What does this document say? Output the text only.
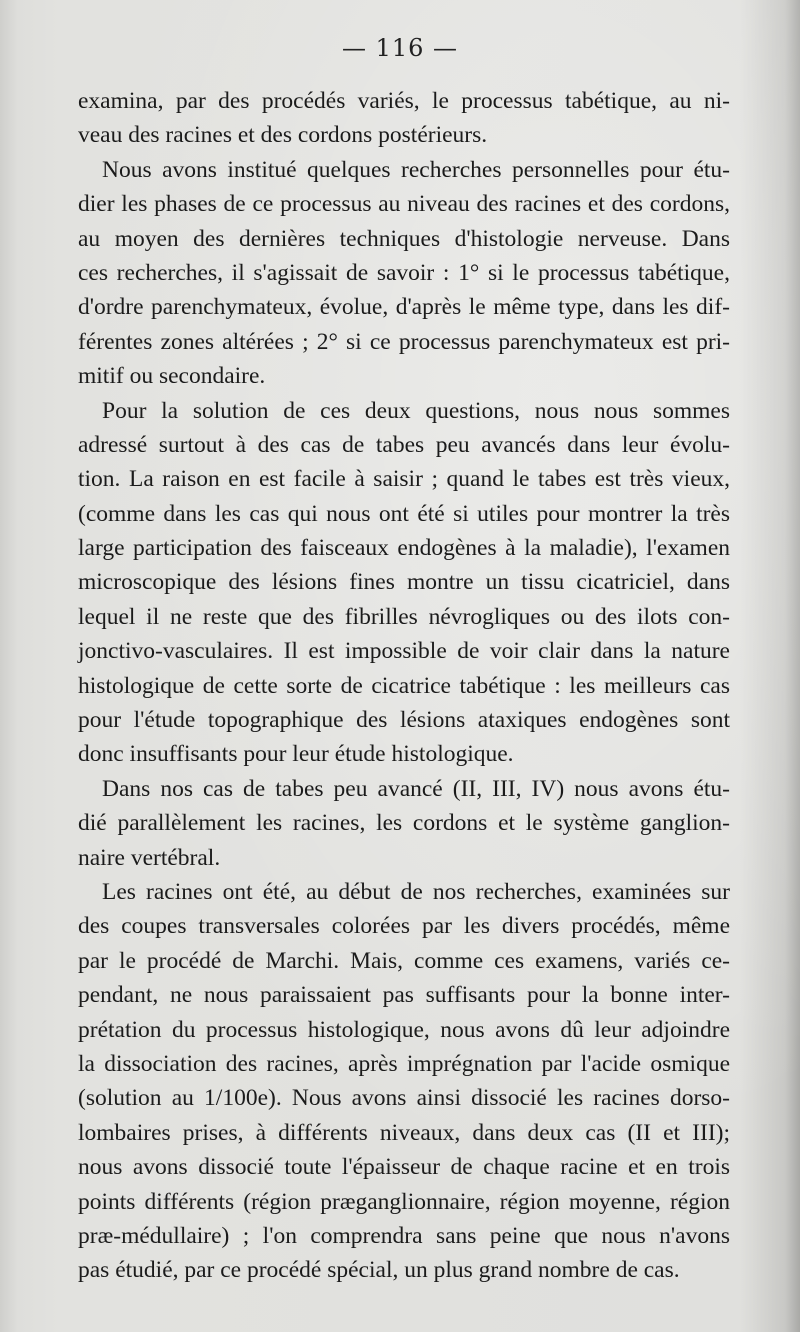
— 116 —
examina, par des procédés variés, le processus tabétique, au ni-
veau des racines et des cordons postérieurs.
Nous avons institué quelques recherches personnelles pour étu-
dier les phases de ce processus au niveau des racines et des cordons,
au moyen des dernières techniques d'histologie nerveuse. Dans
ces recherches, il s'agissait de savoir : 1° si le processus tabétique,
d'ordre parenchymateux, évolue, d'après le même type, dans les dif-
férentes zones altérées ; 2° si ce processus parenchymateux est pri-
mitif ou secondaire.
Pour la solution de ces deux questions, nous nous sommes
adressé surtout à des cas de tabes peu avancés dans leur évolu-
tion. La raison en est facile à saisir ; quand le tabes est très vieux,
(comme dans les cas qui nous ont été si utiles pour montrer la très
large participation des faisceaux endogènes à la maladie), l'examen
microscopique des lésions fines montre un tissu cicatriciel, dans
lequel il ne reste que des fibrilles névrogliques ou des ilots con-
jonctivo-vasculaires. Il est impossible de voir clair dans la nature
histologique de cette sorte de cicatrice tabétique : les meilleurs cas
pour l'étude topographique des lésions ataxiques endogènes sont
donc insuffisants pour leur étude histologique.
Dans nos cas de tabes peu avancé (II, III, IV) nous avons étu-
dié parallèlement les racines, les cordons et le système ganglion-
naire vertébral.
Les racines ont été, au début de nos recherches, examinées sur
des coupes transversales colorées par les divers procédés, même
par le procédé de Marchi. Mais, comme ces examens, variés ce-
pendant, ne nous paraissaient pas suffisants pour la bonne inter-
prétation du processus histologique, nous avons dû leur adjoindre
la dissociation des racines, après imprégnation par l'acide osmique
(solution au 1/100e). Nous avons ainsi dissocié les racines dorso-
lombaires prises, à différents niveaux, dans deux cas (II et III);
nous avons dissocié toute l'épaisseur de chaque racine et en trois
points différents (région præganglionnaire, région moyenne, région
præ-médullaire) ; l'on comprendra sans peine que nous n'avons
pas étudié, par ce procédé spécial, un plus grand nombre de cas.
